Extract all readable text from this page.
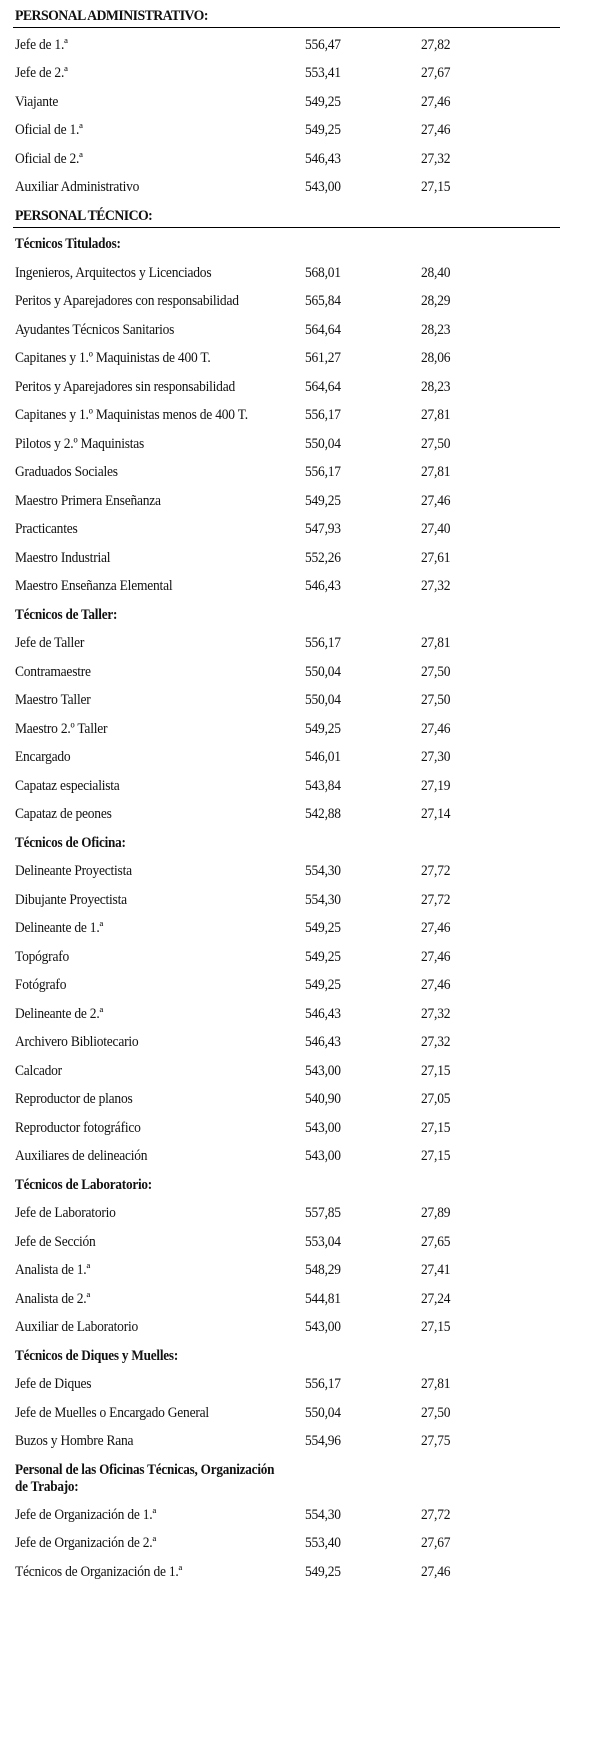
PERSONAL ADMINISTRATIVO:
Jefe de 1.ª	556,47	27,82
Jefe de 2.ª	553,41	27,67
Viajante	549,25	27,46
Oficial de 1.ª	549,25	27,46
Oficial de 2.ª	546,43	27,32
Auxiliar Administrativo	543,00	27,15
PERSONAL TÉCNICO:
Técnicos Titulados:
Ingenieros, Arquitectos y Licenciados	568,01	28,40
Peritos y Aparejadores con responsabilidad	565,84	28,29
Ayudantes Técnicos Sanitarios	564,64	28,23
Capitanes y 1.º Maquinistas de 400 T.	561,27	28,06
Peritos y Aparejadores sin responsabilidad	564,64	28,23
Capitanes y 1.º Maquinistas menos de 400 T.	556,17	27,81
Pilotos y 2.º Maquinistas	550,04	27,50
Graduados Sociales	556,17	27,81
Maestro Primera Enseñanza	549,25	27,46
Practicantes	547,93	27,40
Maestro Industrial	552,26	27,61
Maestro Enseñanza Elemental	546,43	27,32
Técnicos de Taller:
Jefe de Taller	556,17	27,81
Contramaestre	550,04	27,50
Maestro Taller	550,04	27,50
Maestro 2.º Taller	549,25	27,46
Encargado	546,01	27,30
Capataz especialista	543,84	27,19
Capataz de peones	542,88	27,14
Técnicos de Oficina:
Delineante Proyectista	554,30	27,72
Dibujante Proyectista	554,30	27,72
Delineante de 1.ª	549,25	27,46
Topógrafo	549,25	27,46
Fotógrafo	549,25	27,46
Delineante de 2.ª	546,43	27,32
Archivero Bibliotecario	546,43	27,32
Calcador	543,00	27,15
Reproductor de planos	540,90	27,05
Reproductor fotográfico	543,00	27,15
Auxiliares de delineación	543,00	27,15
Técnicos de Laboratorio:
Jefe de Laboratorio	557,85	27,89
Jefe de Sección	553,04	27,65
Analista de 1.ª	548,29	27,41
Analista de 2.ª	544,81	27,24
Auxiliar de Laboratorio	543,00	27,15
Técnicos de Diques y Muelles:
Jefe de Diques	556,17	27,81
Jefe de Muelles o Encargado General	550,04	27,50
Buzos y Hombre Rana	554,96	27,75
Personal de las Oficinas Técnicas, Organización
de Trabajo:
Jefe de Organización de 1.ª	554,30	27,72
Jefe de Organización de 2.ª	553,40	27,67
Técnicos de Organización de 1.ª	549,25	27,46
